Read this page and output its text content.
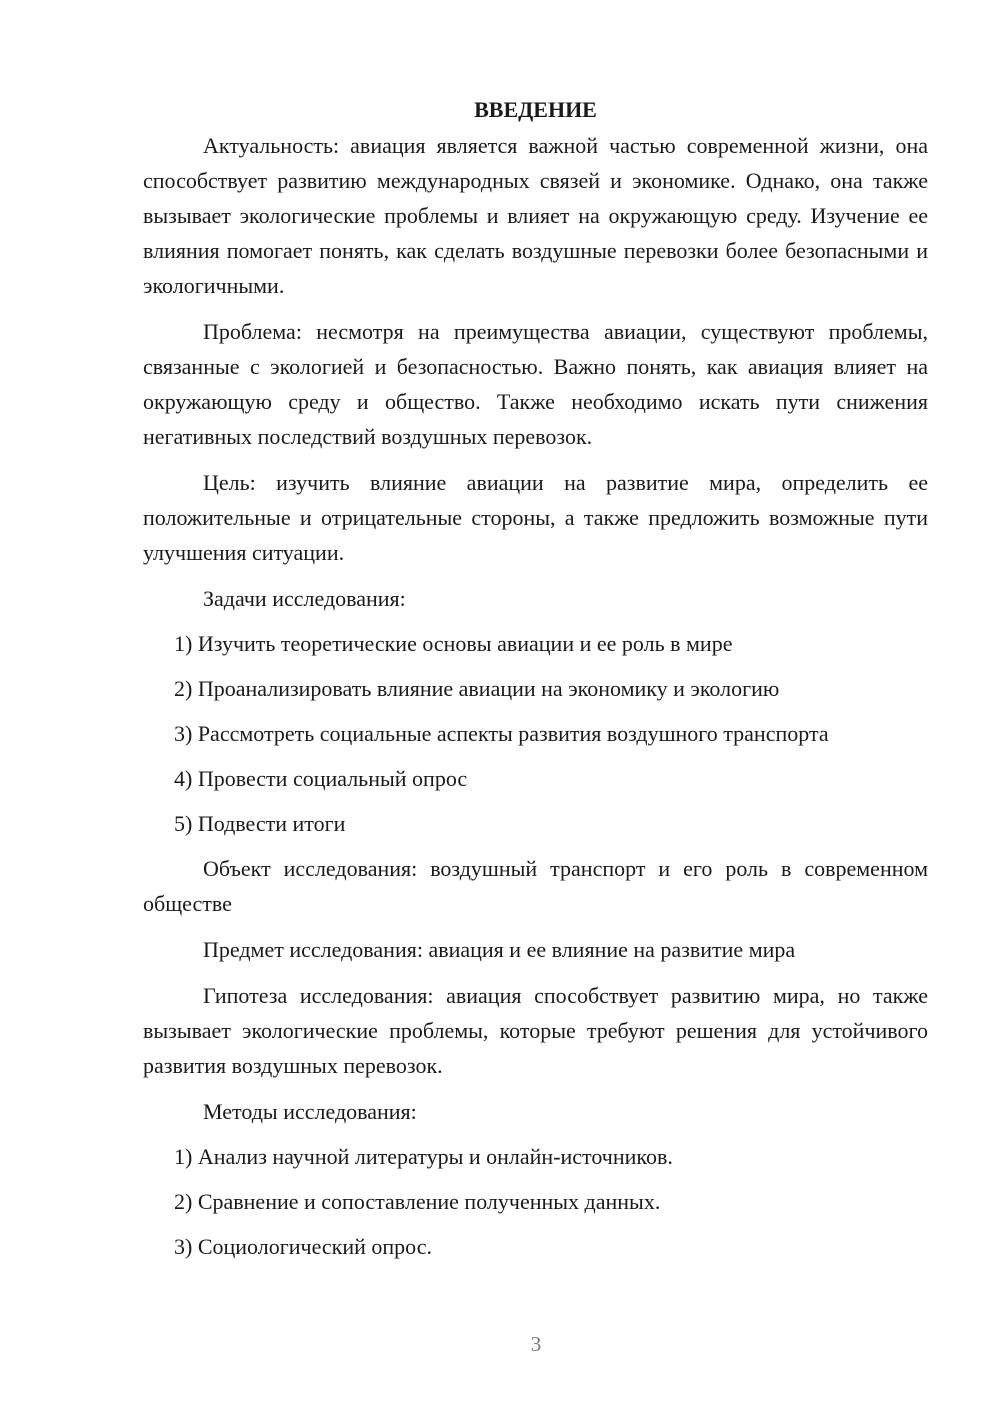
ВВЕДЕНИЕ

Актуальность: авиация является важной частью современной жизни, она способствует развитию международных связей и экономике. Однако, она также вызывает экологические проблемы и влияет на окружающую среду. Изучение ее влияния помогает понять, как сделать воздушные перевозки более безопасными и экологичными.

Проблема: несмотря на преимущества авиации, существуют проблемы, связанные с экологией и безопасностью. Важно понять, как авиация влияет на окружающую среду и общество. Также необходимо искать пути снижения негативных последствий воздушных перевозок.

Цель: изучить влияние авиации на развитие мира, определить ее положительные и отрицательные стороны, а также предложить возможные пути улучшения ситуации.

Задачи исследования:
1) Изучить теоретические основы авиации и ее роль в мире
2) Проанализировать влияние авиации на экономику и экологию
3) Рассмотреть социальные аспекты развития воздушного транспорта
4) Провести социальный опрос
5) Подвести итоги

Объект исследования: воздушный транспорт и его роль в современном обществе

Предмет исследования: авиация и ее влияние на развитие мира

Гипотеза исследования: авиация способствует развитию мира, но также вызывает экологические проблемы, которые требуют решения для устойчивого развития воздушных перевозок.

Методы исследования:
1) Анализ научной литературы и онлайн-источников.
2) Сравнение и сопоставление полученных данных.
3) Социологический опрос.
3
